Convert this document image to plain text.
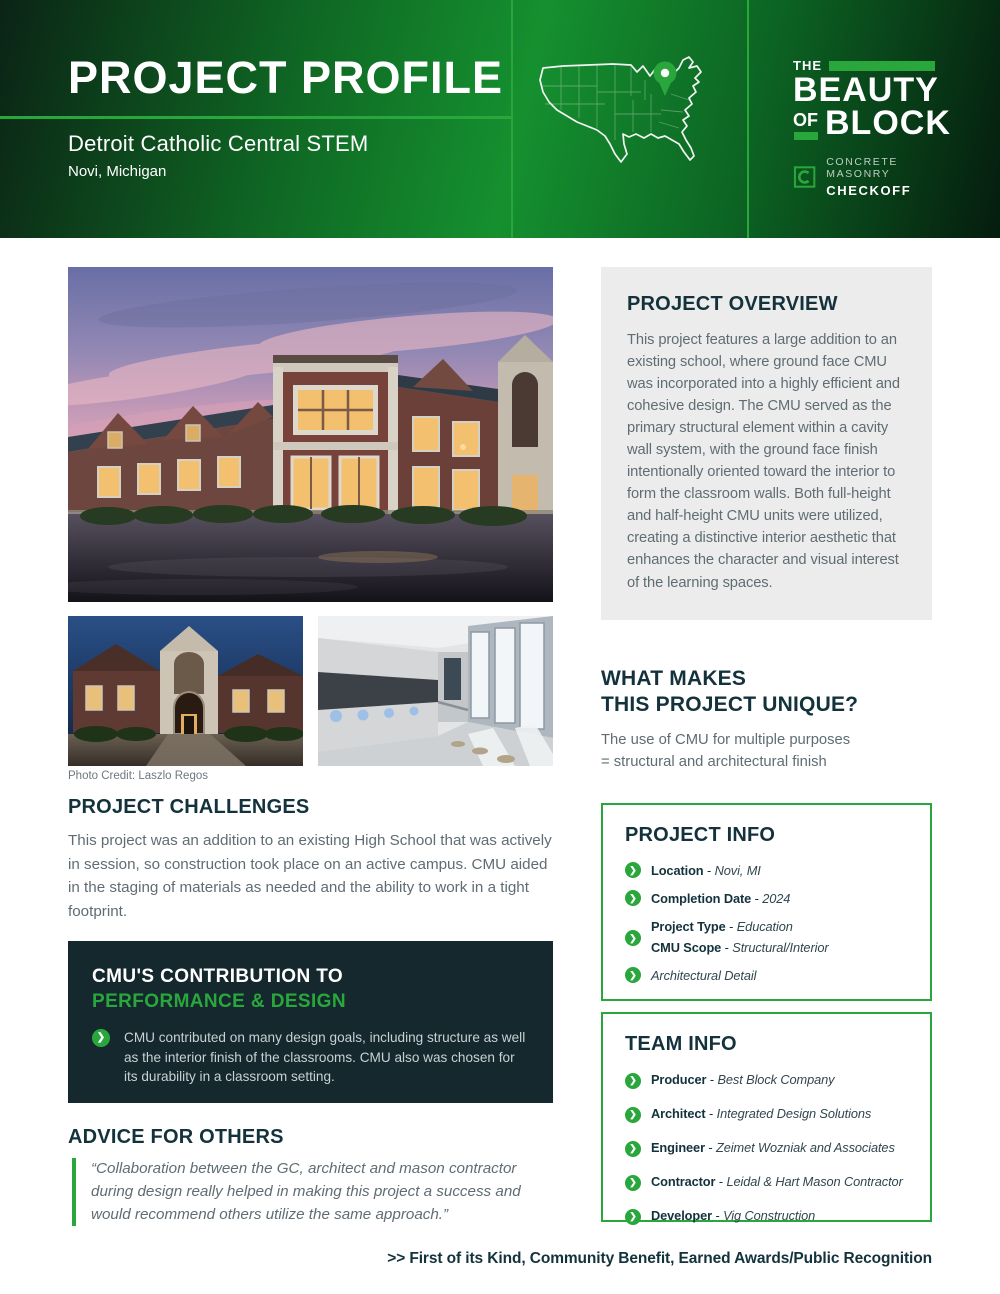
PROJECT PROFILE
Detroit Catholic Central STEM
Novi, Michigan
THE
BEAUTY
OF BLOCK
CONCRETE MASONRY
CHECKOFF
Photo Credit: Laszlo Regos
PROJECT CHALLENGES
This project was an addition to an existing High School that was actively in session, so construction took place on an active campus. CMU aided in the staging of materials as needed and the ability to work in a tight footprint.
CMU'S CONTRIBUTION TO
PERFORMANCE & DESIGN
❯	CMU contributed on many design goals, including structure as well as the interior finish of the classrooms. CMU also was chosen for its durability in a classroom setting.
ADVICE FOR OTHERS
“Collaboration between the GC, architect and mason contractor during design really helped in making this project a success and would recommend others utilize the same approach.”
PROJECT OVERVIEW
This project features a large addition to an existing school, where ground face CMU was incorporated into a highly efficient and cohesive design. The CMU served as the primary structural element within a cavity wall system, with the ground face finish intentionally oriented toward the interior to form the classroom walls. Both full-height and half-height CMU units were utilized, creating a distinctive interior aesthetic that enhances the character and visual interest of the learning spaces.
WHAT MAKES
THIS PROJECT UNIQUE?
The use of CMU for multiple purposes
= structural and architectural finish
PROJECT INFO
❯	Location - Novi, MI
❯	Completion Date - 2024
❯
Project Type - Education
CMU Scope - Structural/Interior
❯	Architectural Detail
TEAM INFO
❯	Producer - Best Block Company
❯	Architect - Integrated Design Solutions
❯	Engineer - Zeimet Wozniak and Associates
❯	Contractor - Leidal & Hart Mason Contractor
❯	Developer - Vig Construction
>> First of its Kind, Community Benefit, Earned Awards/Public Recognition
